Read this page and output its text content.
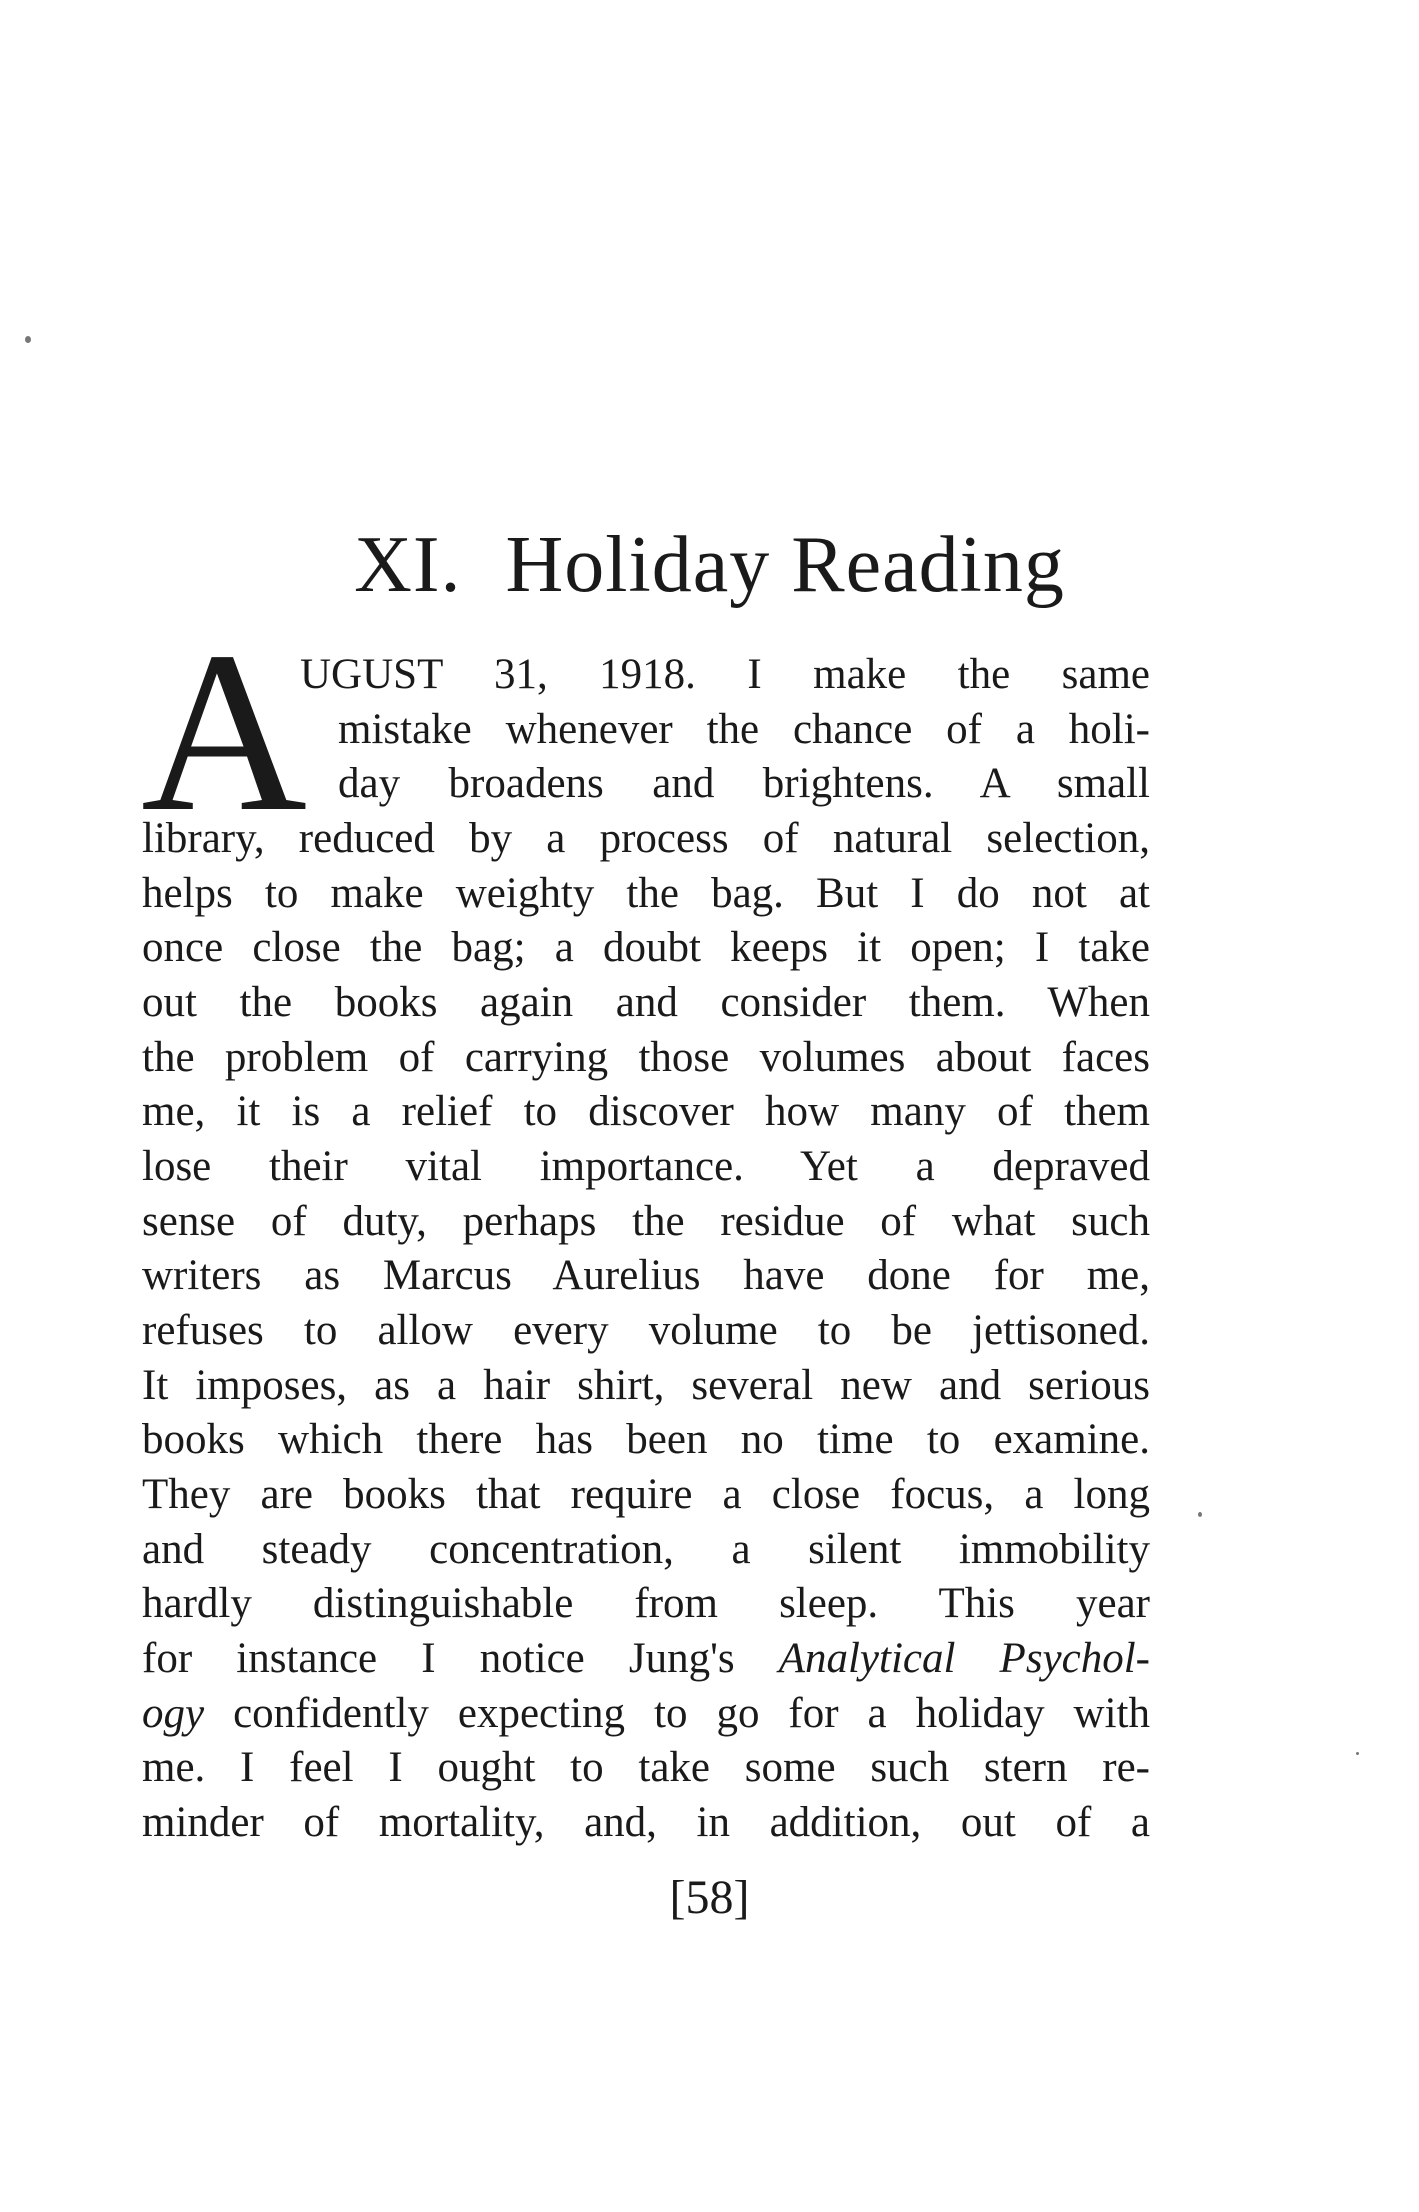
XI. Holiday Reading
A
UGUST 31, 1918. I make the same
mistake whenever the chance of a holi-
day broadens and brightens. A small
library, reduced by a process of natural selection,
helps to make weighty the bag. But I do not at
once close the bag; a doubt keeps it open; I take
out the books again and consider them. When
the problem of carrying those volumes about faces
me, it is a relief to discover how many of them
lose their vital importance. Yet a depraved
sense of duty, perhaps the residue of what such
writers as Marcus Aurelius have done for me,
refuses to allow every volume to be jettisoned.
It imposes, as a hair shirt, several new and serious
books which there has been no time to examine.
They are books that require a close focus, a long
and steady concentration, a silent immobility
hardly distinguishable from sleep. This year
for instance I notice Jung's Analytical Psychol-
ogy confidently expecting to go for a holiday with
me. I feel I ought to take some such stern re-
minder of mortality, and, in addition, out of a
[58]
